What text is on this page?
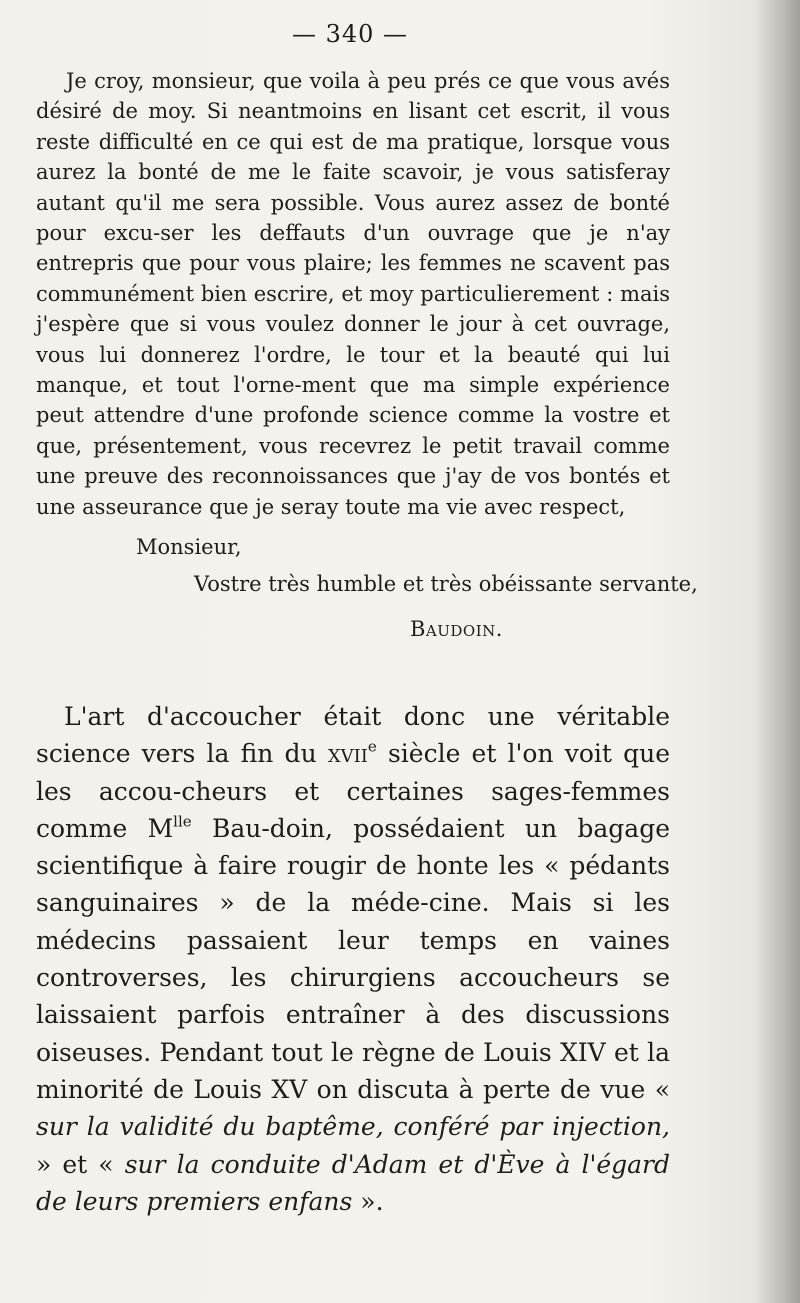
— 340 —

Je croy, monsieur, que voila à peu prés ce que vous avés désiré de moy. Si neantmoins en lisant cet escrit, il vous reste difficulté en ce qui est de ma pratique, lorsque vous aurez la bonté de me le faite scavoir, je vous satisferay autant qu'il me sera possible. Vous aurez assez de bonté pour excu-ser les deffauts d'un ouvrage que je n'ay entrepris que pour vous plaire; les femmes ne scavent pas communément bien escrire, et moy particulierement : mais j'espère que si vous voulez donner le jour à cet ouvrage, vous lui donnerez l'ordre, le tour et la beauté qui lui manque, et tout l'orne-ment que ma simple expérience peut attendre d'une profonde science comme la vostre et que, présentement, vous recevrez le petit travail comme une preuve des reconnoissances que j'ay de vos bontés et une asseurance que je seray toute ma vie avec respect,

Monsieur,
Vostre très humble et très obéissante servante,
Baudoin.

L'art d'accoucher était donc une véritable science vers la fin du xvii$^e$ siècle et l'on voit que les accou-cheurs et certaines sages-femmes comme $M^{lle}$ Bau-doin, possédaient un bagage scientifique à faire rougir de honte les « pédants sanguinaires » de la méde-cine. Mais si les médecins passaient leur temps en vaines controverses, les chirurgiens accoucheurs se laissaient parfois entraîner à des discussions oiseuses. Pendant tout le règne de Louis XIV et la minorité de Louis XV on discuta à perte de vue « sur la validité du baptême, conféré par injection, » et « sur la conduite d'Adam et d'Ève à l'égard de leurs premiers enfans ».
